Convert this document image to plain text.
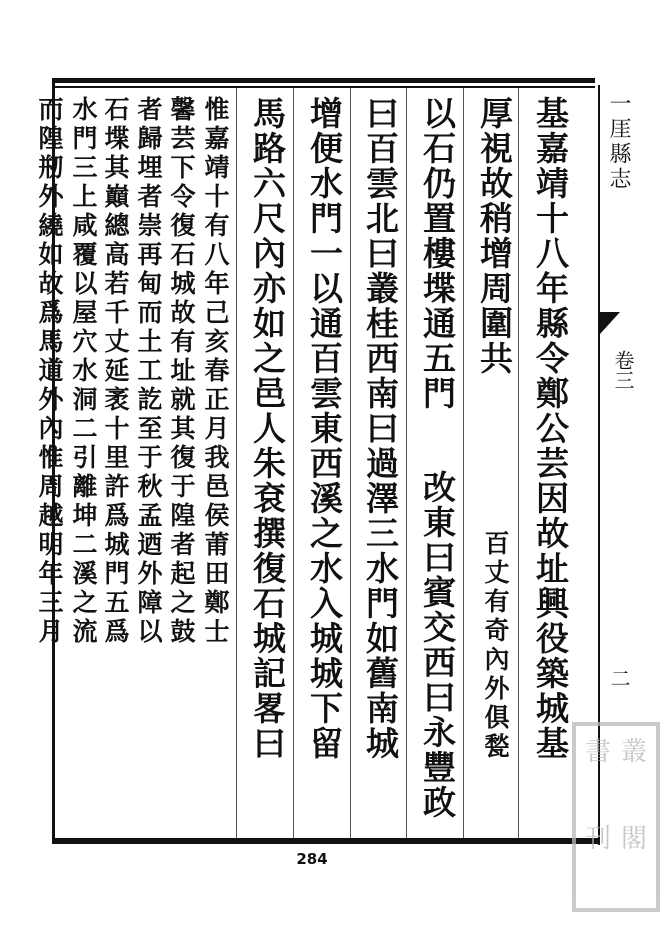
⼀厓縣志
卷三
二
基嘉靖十八年縣令鄭公芸因故址興役築城基
厚視故稍增周圍共
百丈有奇內外俱甃
以石仍置樓堞通五門
改東曰賓交西曰永豐政
曰百雲北曰叢桂西南曰過澤三水門如舊南城
增便水門一以通百雲東西溪之水入城城下留
馬路六尺內亦如之邑人朱袞撰復石城記畧曰
惟嘉靖十有八年己亥春正月我邑侯莆田鄭士
馨芸下令復石城故有址就其復于隍者起之鼓
者歸埋者崇再甸而土工訖至于秋孟迺外障以
石堞其巔總高若千丈延袤十里許爲城門五爲
水門三上咸覆以屋穴水洞二引離坤二溪之流
而隍剏外繞如故爲馬道外內惟周越明年三月
284
書 叢
刊 閣
